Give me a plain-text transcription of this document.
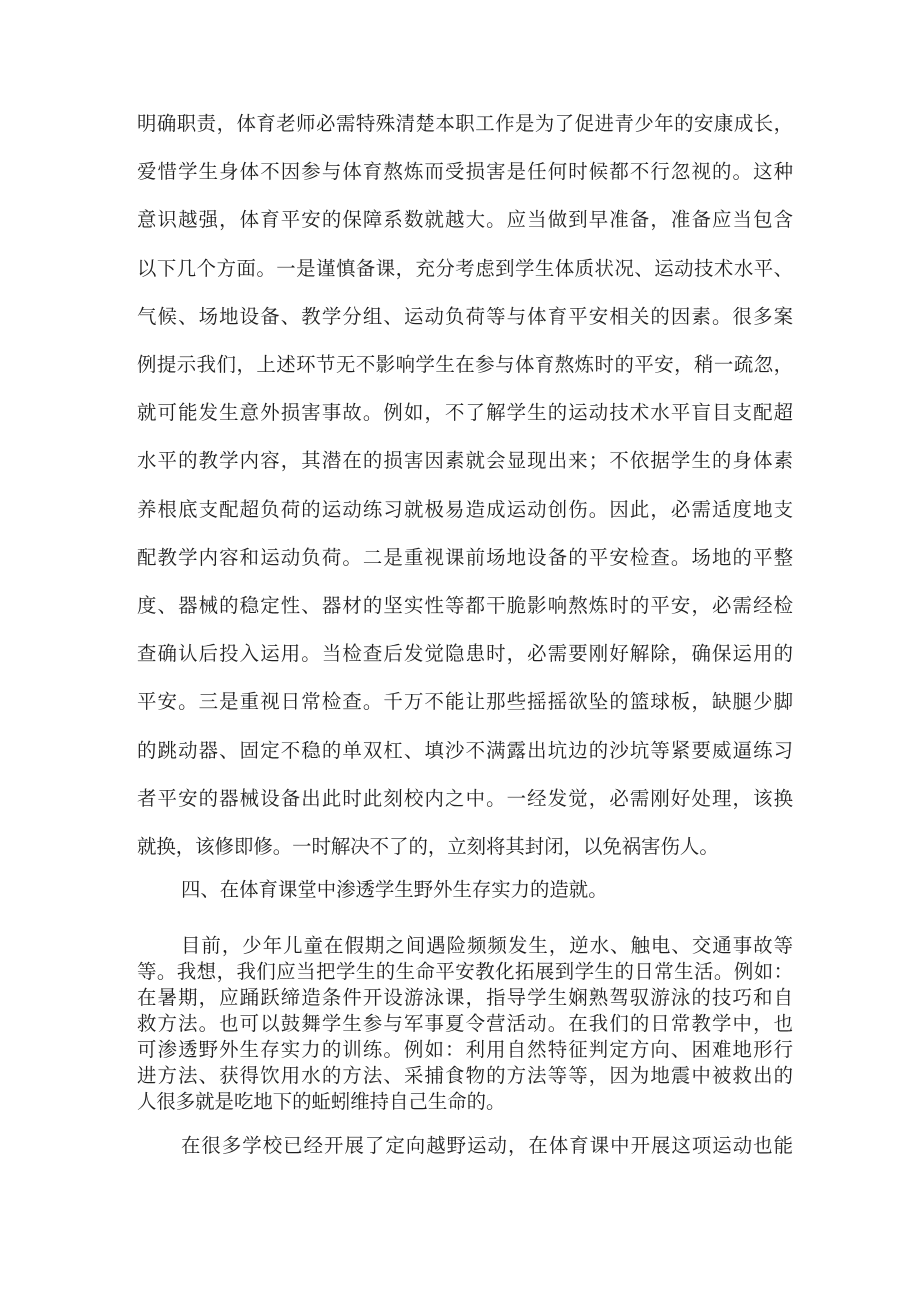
明确职责，体育老师必需特殊清楚本职工作是为了促进青少年的安康成长，
爱惜学生身体不因参与体育熬炼而受损害是任何时候都不行忽视的。这种
意识越强，体育平安的保障系数就越大。应当做到早准备，准备应当包含
以下几个方面。一是谨慎备课，充分考虑到学生体质状况、运动技术水平、
气候、场地设备、教学分组、运动负荷等与体育平安相关的因素。很多案
例提示我们，上述环节无不影响学生在参与体育熬炼时的平安，稍一疏忽，
就可能发生意外损害事故。例如，不了解学生的运动技术水平盲目支配超
水平的教学内容，其潜在的损害因素就会显现出来；不依据学生的身体素
养根底支配超负荷的运动练习就极易造成运动创伤。因此，必需适度地支
配教学内容和运动负荷。二是重视课前场地设备的平安检查。场地的平整
度、器械的稳定性、器材的坚实性等都干脆影响熬炼时的平安，必需经检
查确认后投入运用。当检查后发觉隐患时，必需要刚好解除，确保运用的
平安。三是重视日常检查。千万不能让那些摇摇欲坠的篮球板，缺腿少脚
的跳动器、固定不稳的单双杠、填沙不满露出坑边的沙坑等紧要威逼练习
者平安的器械设备出此时此刻校内之中。一经发觉，必需刚好处理，该换
就换，该修即修。一时解决不了的，立刻将其封闭，以免祸害伤人。
四、在体育课堂中渗透学生野外生存实力的造就。
目前，少年儿童在假期之间遇险频频发生，逆水、触电、交通事故等
等。我想，我们应当把学生的生命平安教化拓展到学生的日常生活。例如：
在暑期，应踊跃缔造条件开设游泳课，指导学生娴熟驾驭游泳的技巧和自
救方法。也可以鼓舞学生参与军事夏令营活动。在我们的日常教学中，也
可渗透野外生存实力的训练。例如：利用自然特征判定方向、困难地形行
进方法、获得饮用水的方法、采捕食物的方法等等，因为地震中被救出的
人很多就是吃地下的蚯蚓维持自己生命的。
在很多学校已经开展了定向越野运动，在体育课中开展这项运动也能
